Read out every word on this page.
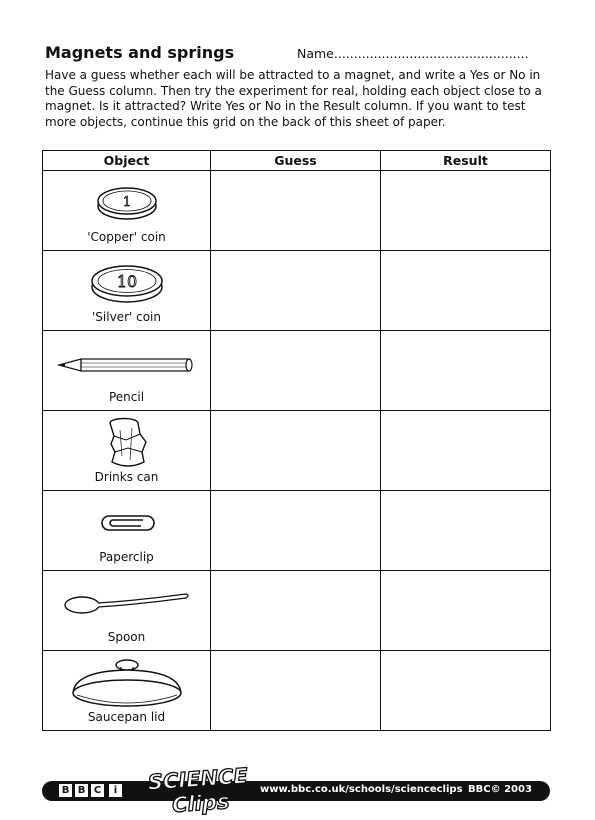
Magnets and springs	Name.................................................
Have a guess whether each will be attracted to a magnet, and write a Yes or No in the Guess column. Then try the experiment for real, holding each object close to a magnet. Is it attracted? Write Yes or No in the Result column. If you want to test more objects, continue this grid on the back of this sheet of paper.
Object	Guess	Result

1
'Copper' coin		

10
'Silver' coin		

Pencil		

Drinks can		

Paperclip		

Spoon		

Saucepan lid		

B B C	i SCIENCE
Clips	www.bbc.co.uk/schools/scienceclips BBC© 2003
